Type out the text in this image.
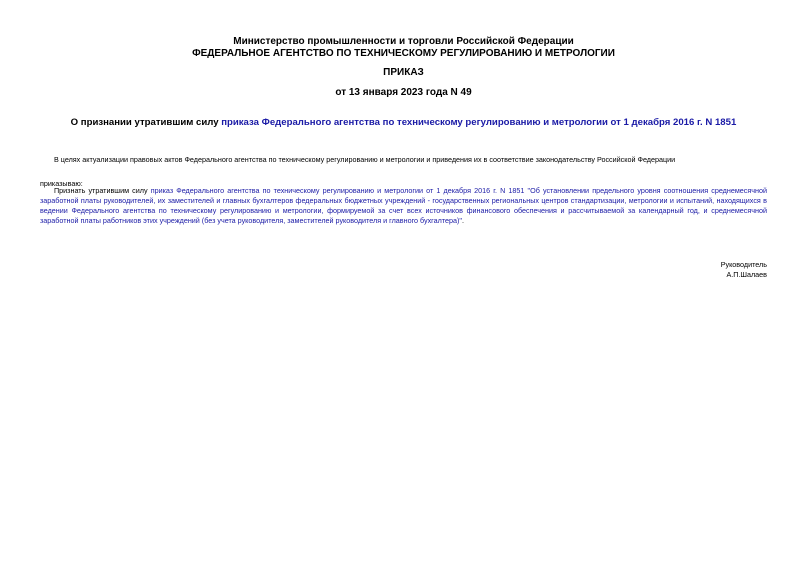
Министерство промышленности и торговли Российской Федерации
ФЕДЕРАЛЬНОЕ АГЕНТСТВО ПО ТЕХНИЧЕСКОМУ РЕГУЛИРОВАНИЮ И МЕТРОЛОГИИ
ПРИКАЗ
от 13 января 2023 года N 49
О признании утратившим силу приказа Федерального агентства по техническому регулированию и метрологии от 1 декабря 2016 г. N 1851
В целях актуализации правовых актов Федерального агентства по техническому регулированию и метрологии и приведения их в соответствие законодательству Российской Федерации
приказываю:
Признать утратившим силу приказ Федерального агентства по техническому регулированию и метрологии от 1 декабря 2016 г. N 1851 "Об установлении предельного уровня соотношения среднемесячной заработной платы руководителей, их заместителей и главных бухгалтеров федеральных бюджетных учреждений - государственных региональных центров стандартизации, метрологии и испытаний, находящихся в ведении Федерального агентства по техническому регулированию и метрологии, формируемой за счет всех источников финансового обеспечения и рассчитываемой за календарный год, и среднемесячной заработной платы работников этих учреждений (без учета руководителя, заместителей руководителя и главного бухгалтера)".
Руководитель
А.П.Шалаев
